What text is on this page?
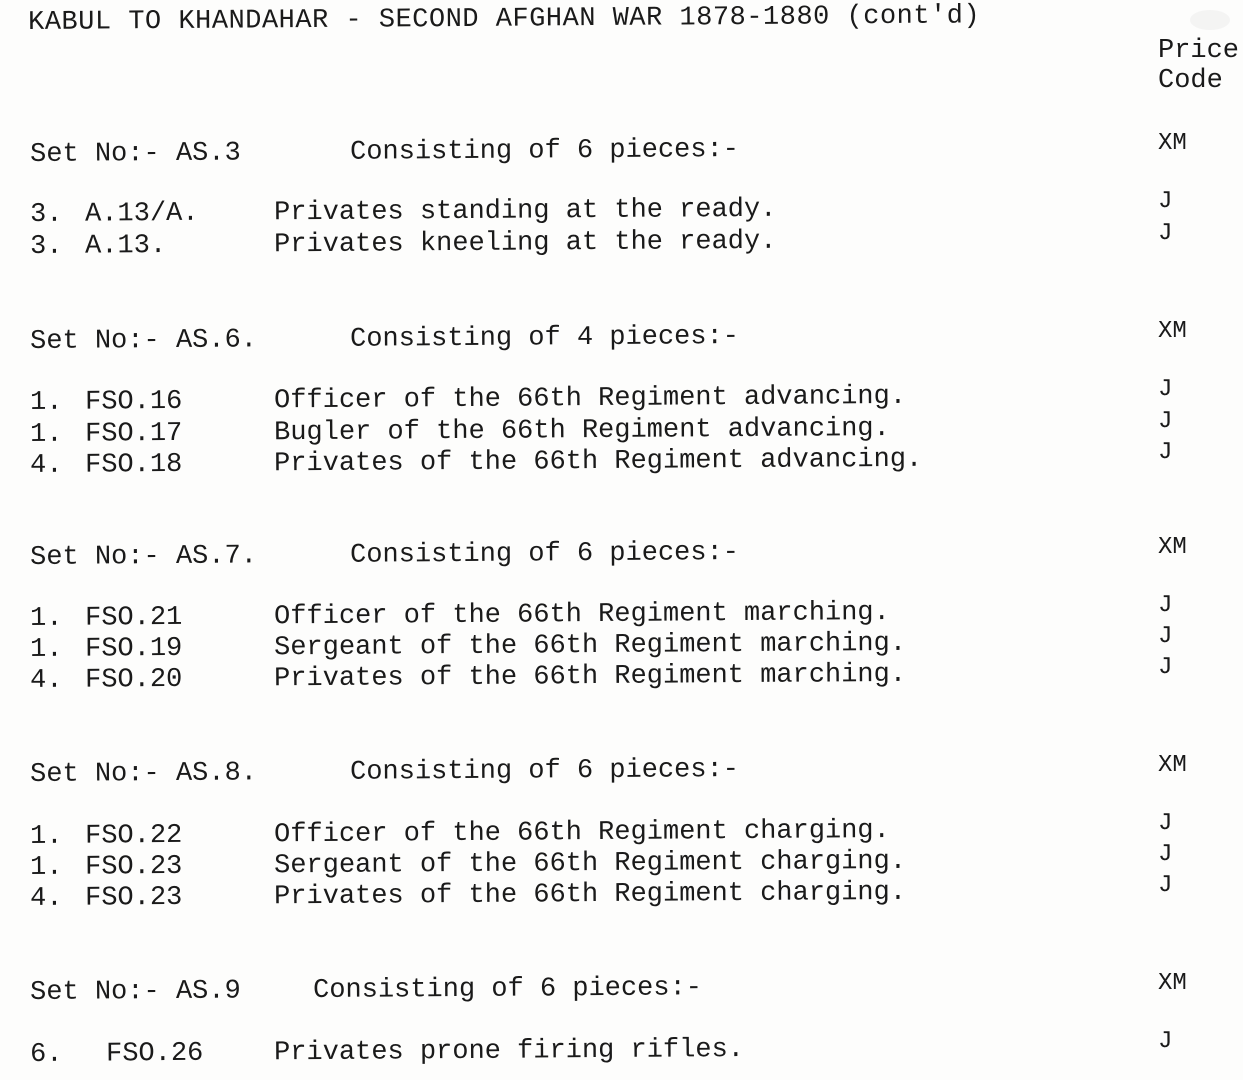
KABUL TO KHANDAHAR - SECOND AFGHAN WAR 1878-1880 (cont'd)
Price
Code
Set No:- AS.3	Consisting of 6 pieces:-	XM
3. A.13/A.	Privates standing at the ready.	J
3. A.13.	Privates kneeling at the ready.	J
Set No:- AS.6.	Consisting of 4 pieces:-	XM
1. FSO.16	Officer of the 66th Regiment advancing.	J
1. FSO.17	Bugler of the 66th Regiment advancing.	J
4. FSO.18	Privates of the 66th Regiment advancing.	J
Set No:- AS.7.	Consisting of 6 pieces:-	XM
1. FSO.21	Officer of the 66th Regiment marching.	J
1. FSO.19	Sergeant of the 66th Regiment marching.	J
4. FSO.20	Privates of the 66th Regiment marching.	J
Set No:- AS.8.	Consisting of 6 pieces:-	XM
1. FSO.22	Officer of the 66th Regiment charging.	J
1. FSO.23	Sergeant of the 66th Regiment charging.	J
4. FSO.23	Privates of the 66th Regiment charging.	J
Set No:- AS.9	Consisting of 6 pieces:-	XM
6. FSO.26	Privates prone firing rifles.	J
